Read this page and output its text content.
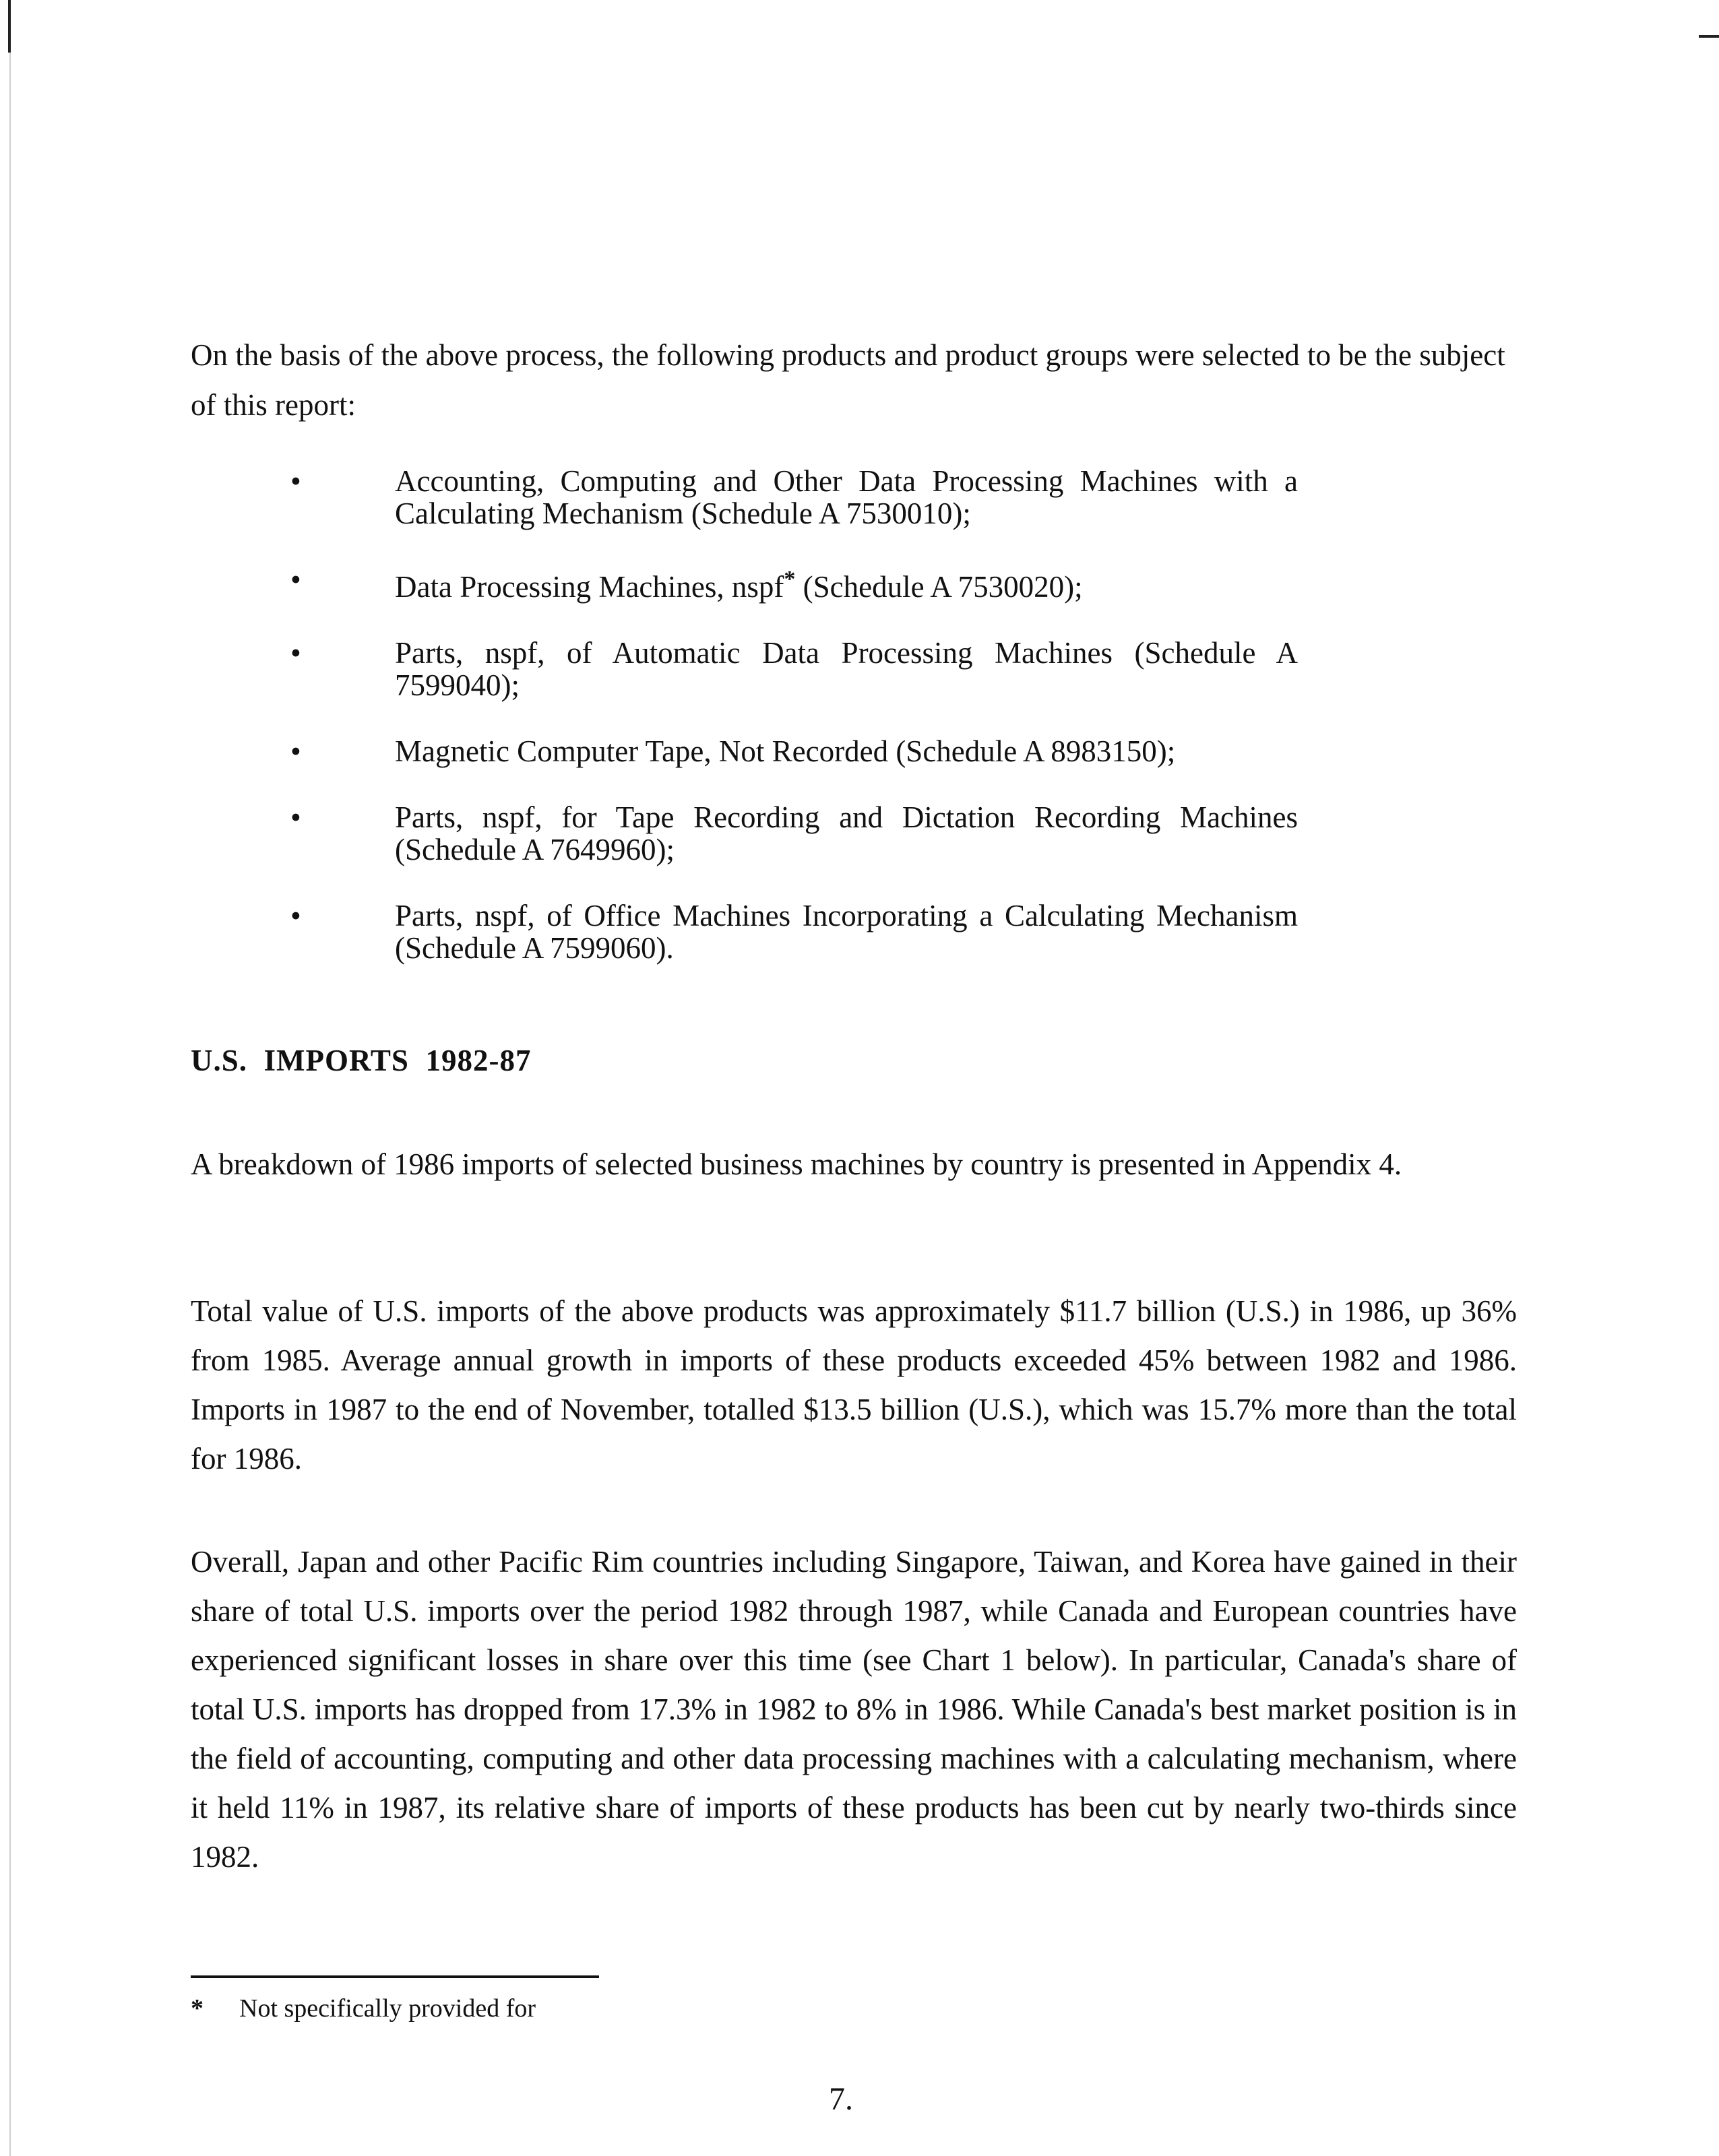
On the basis of the above process, the following products and product groups were selected to be the subject of this report:

•	Accounting, Computing and Other Data Processing Machines with a Calculating Mechanism (Schedule A 7530010);
•	Data Processing Machines, nspf* (Schedule A 7530020);
•	Parts, nspf, of Automatic Data Processing Machines (Schedule A 7599040);
•	Magnetic Computer Tape, Not Recorded (Schedule A 8983150);
•	Parts, nspf, for Tape Recording and Dictation Recording Machines (Schedule A 7649960);
•	Parts, nspf, of Office Machines Incorporating a Calculating Mechanism (Schedule A 7599060).
U.S.  IMPORTS  1982-87

A breakdown of 1986 imports of selected business machines by country is presented in Appendix 4.

Total value of U.S. imports of the above products was approximately $11.7 billion (U.S.) in 1986, up 36% from 1985. Average annual growth in imports of these products exceeded 45% between 1982 and 1986. Imports in 1987 to the end of November, totalled $13.5 billion (U.S.), which was 15.7% more than the total for 1986.

Overall, Japan and other Pacific Rim countries including Singapore, Taiwan, and Korea have gained in their share of total U.S. imports over the period 1982 through 1987, while Canada and European countries have experienced significant losses in share over this time (see Chart 1 below). In particular, Canada's share of total U.S. imports has dropped from 17.3% in 1982 to 8% in 1986. While Canada's best market position is in the field of accounting, computing and other data processing machines with a calculating mechanism, where it held 11% in 1987, its relative share of imports of these products has been cut by nearly two-thirds since 1982.

* Not specifically provided for

7.
